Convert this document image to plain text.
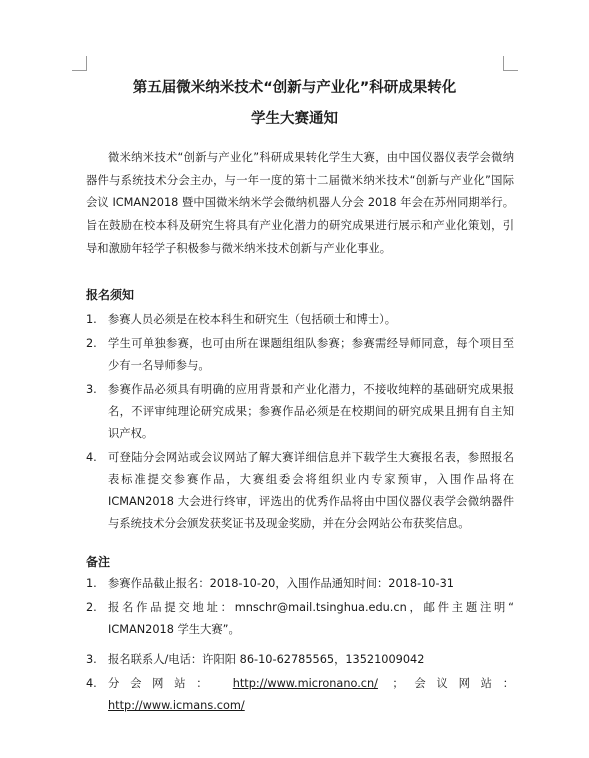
第五届微米纳米技术“创新与产业化”科研成果转化
学生大赛通知

微米纳米技术“创新与产业化”科研成果转化学生大赛，由中国仪器仪表学会微纳器件与系统技术分会主办，与一年一度的第十二届微米纳米技术“创新与产业化”国际会议 ICMAN2018 暨中国微米纳米学会微纳机器人分会 2018 年会在苏州同期举行。旨在鼓励在校本科及研究生将具有产业化潜力的研究成果进行展示和产业化策划，引导和激励年轻学子积极参与微米纳米技术创新与产业化事业。

报名须知
1. 参赛人员必须是在校本科生和研究生（包括硕士和博士）。
2. 学生可单独参赛，也可由所在课题组组队参赛；参赛需经导师同意，每个项目至少有一名导师参与。
3. 参赛作品必须具有明确的应用背景和产业化潜力，不接收纯粹的基础研究成果报名，不评审纯理论研究成果；参赛作品必须是在校期间的研究成果且拥有自主知识产权。
4. 可登陆分会网站或会议网站了解大赛详细信息并下载学生大赛报名表，参照报名表标准提交参赛作品，大赛组委会将组织业内专家预审，入围作品将在 ICMAN2018 大会进行终审，评选出的优秀作品将由中国仪器仪表学会微纳器件与系统技术分会颁发获奖证书及现金奖励，并在分会网站公布获奖信息。
备注
1. 参赛作品截止报名：2018-10-20，入围作品通知时间：2018-10-31
2. 报名作品提交地址：mnschr@mail.tsinghua.edu.cn，邮件主题注明“ ICMAN2018 学生大赛”。
3. 报名联系人/电话：许阳阳 86-10-62785565，13521009042
4. 分会网站： http://www.micronano.cn/ ；会议网站： http://www.icmans.com/
